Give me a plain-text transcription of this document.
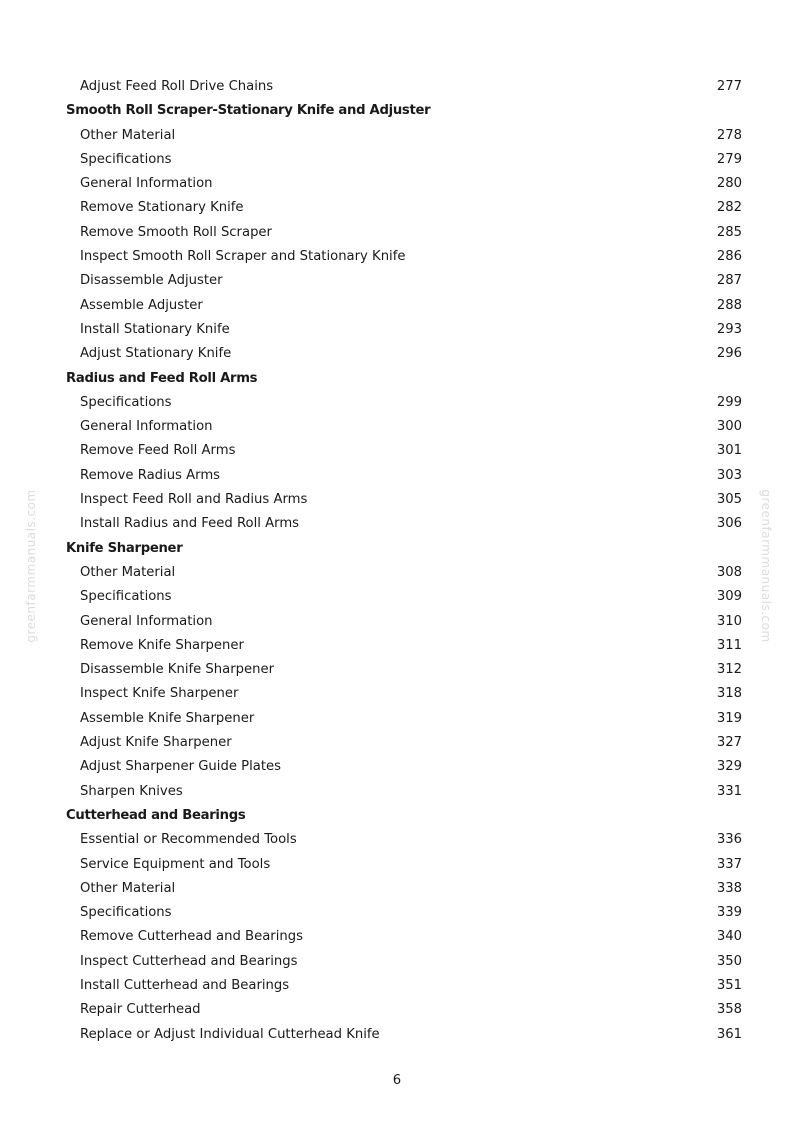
greenfarmmanuals.com	greenfarmmanuals.com
Adjust Feed Roll Drive Chains	277
Smooth Roll Scraper-Stationary Knife and Adjuster
Other Material	278
Specifications	279
General Information	280
Remove Stationary Knife	282
Remove Smooth Roll Scraper	285
Inspect Smooth Roll Scraper and Stationary Knife	286
Disassemble Adjuster	287
Assemble Adjuster	288
Install Stationary Knife	293
Adjust Stationary Knife	296
Radius and Feed Roll Arms
Specifications	299
General Information	300
Remove Feed Roll Arms	301
Remove Radius Arms	303
Inspect Feed Roll and Radius Arms	305
Install Radius and Feed Roll Arms	306
Knife Sharpener
Other Material	308
Specifications	309
General Information	310
Remove Knife Sharpener	311
Disassemble Knife Sharpener	312
Inspect Knife Sharpener	318
Assemble Knife Sharpener	319
Adjust Knife Sharpener	327
Adjust Sharpener Guide Plates	329
Sharpen Knives	331
Cutterhead and Bearings
Essential or Recommended Tools	336
Service Equipment and Tools	337
Other Material	338
Specifications	339
Remove Cutterhead and Bearings	340
Inspect Cutterhead and Bearings	350
Install Cutterhead and Bearings	351
Repair Cutterhead	358
Replace or Adjust Individual Cutterhead Knife	361
6
